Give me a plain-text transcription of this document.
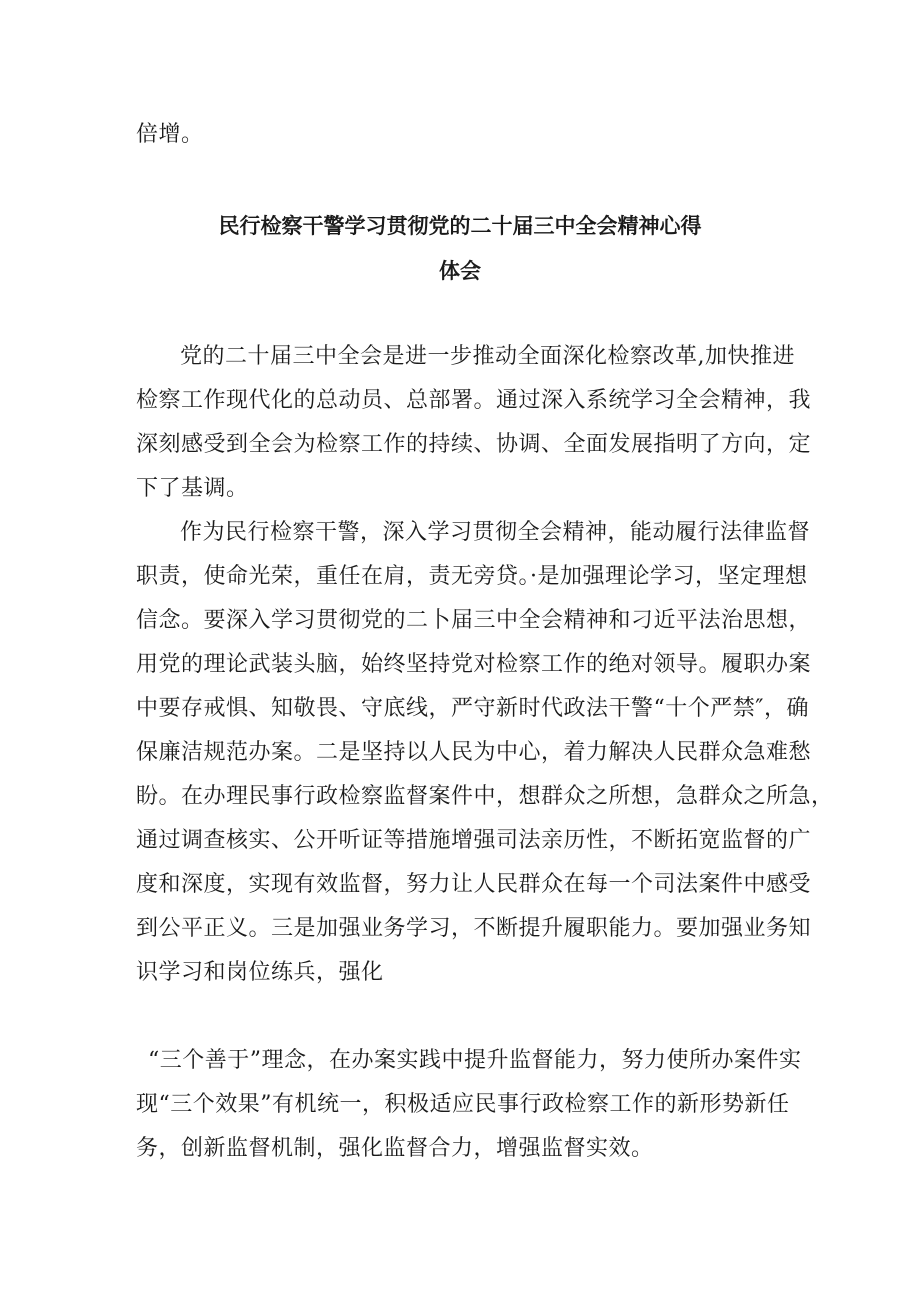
倍增。
民行检察干警学习贯彻党的二十届三中全会精神心得
体会
党的二十届三中全会是进一步推动全面深化检察改革,加快推进
检察工作现代化的总动员、总部署。通过深入系统学习全会精神，我
深刻感受到全会为检察工作的持续、协调、全面发展指明了方向，定
下了基调。
作为民行检察干警，深入学习贯彻全会精神，能动履行法律监督
职责，使命光荣，重任在肩，责无旁贷。·是加强理论学习，坚定理想
信念。要深入学习贯彻党的二卜届三中全会精神和刁近平法治思想，
用党的理论武装头脑，始终坚持党对检察工作的绝对领导。履职办案
中要存戒惧、知敬畏、守底线，严守新时代政法干警“十个严禁″，确
保廉洁规范办案。二是坚持以人民为中心，着力解决人民群众急难愁
盼。在办理民事行政检察监督案件中，想群众之所想，急群众之所急，
通过调查核实、公开听证等措施增强司法亲历性，不断拓宽监督的广
度和深度，实现有效监督，努力让人民群众在每一个司法案件中感受
到公平正义。三是加强业务学习，不断提升履职能力。要加强业务知
识学习和岗位练兵，强化
“三个善于”理念，在办案实践中提升监督能力，努力使所办案件实
现“三个效果”有机统一，积极适应民事行政检察工作的新形势新任
务，创新监督机制，强化监督合力，增强监督实效。
